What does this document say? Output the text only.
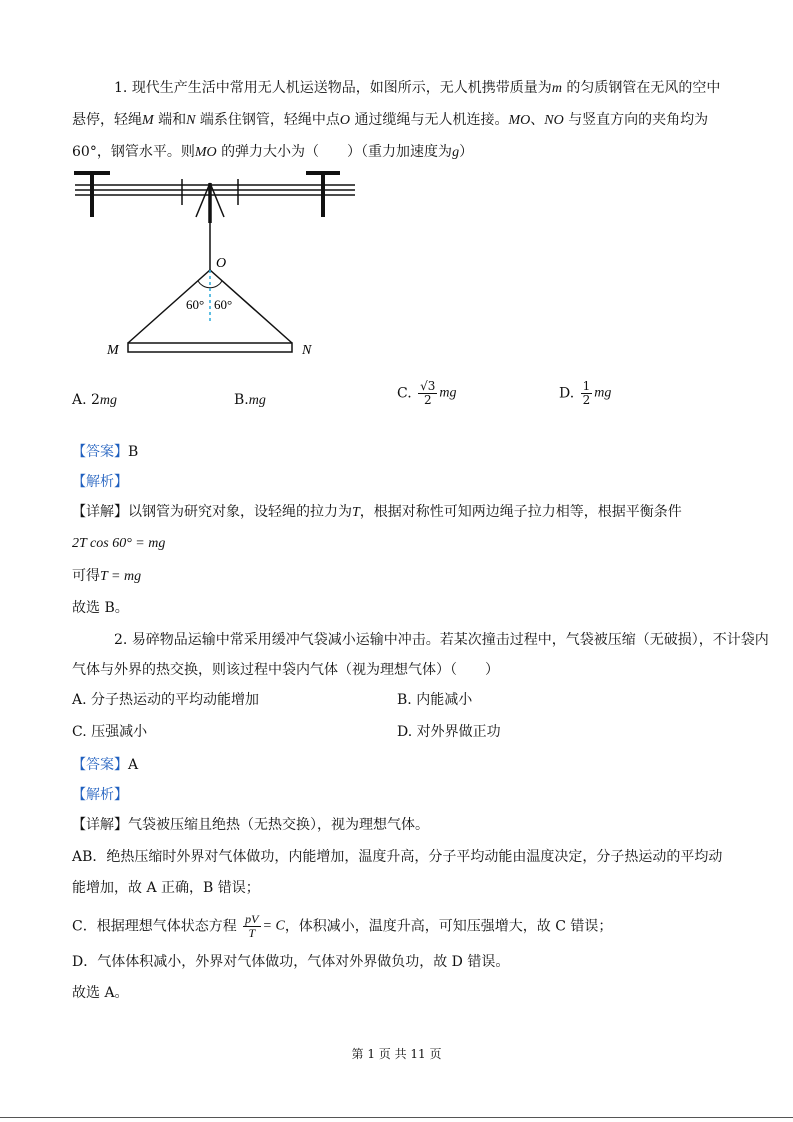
1. 现代生产生活中常用无人机运送物品，如图所示，无人机携带质量为m 的匀质钢管在无风的空中
悬停，轻绳M 端和N 端系住钢管，轻绳中点O 通过缆绳与无人机连接。MO、NO 与竖直方向的夹角均为
60°，钢管水平。则MO 的弹力大小为（　　）（重力加速度为g）
O
60° 60°
M	N
A. 2mg	B.mg	C. $\frac{√3}{2}$ mg	D. $\frac{1}{2}$ mg
【答案】B
【解析】
【详解】以钢管为研究对象，设轻绳的拉力为T，根据对称性可知两边绳子拉力相等，根据平衡条件
2T cos 60° = mg
可得T = mg
故选 B。
2. 易碎物品运输中常采用缓冲气袋减小运输中冲击。若某次撞击过程中，气袋被压缩（无破损），不计袋内
气体与外界的热交换，则该过程中袋内气体（视为理想气体）（　　）
A. 分子热运动的平均动能增加	B. 内能减小
C. 压强减小	D. 对外界做正功
【答案】A
【解析】
【详解】气袋被压缩且绝热（无热交换），视为理想气体。
AB．绝热压缩时外界对气体做功，内能增加，温度升高，分子平均动能由温度决定，分子热运动的平均动
能增加，故 A 正确，B 错误；
C．根据理想气体状态方程 $\frac{pV}{T} = C$，体积减小，温度升高，可知压强增大，故 C 错误；
D．气体体积减小，外界对气体做功，气体对外界做负功，故 D 错误。
故选 A。
第 1 页 共 11 页
